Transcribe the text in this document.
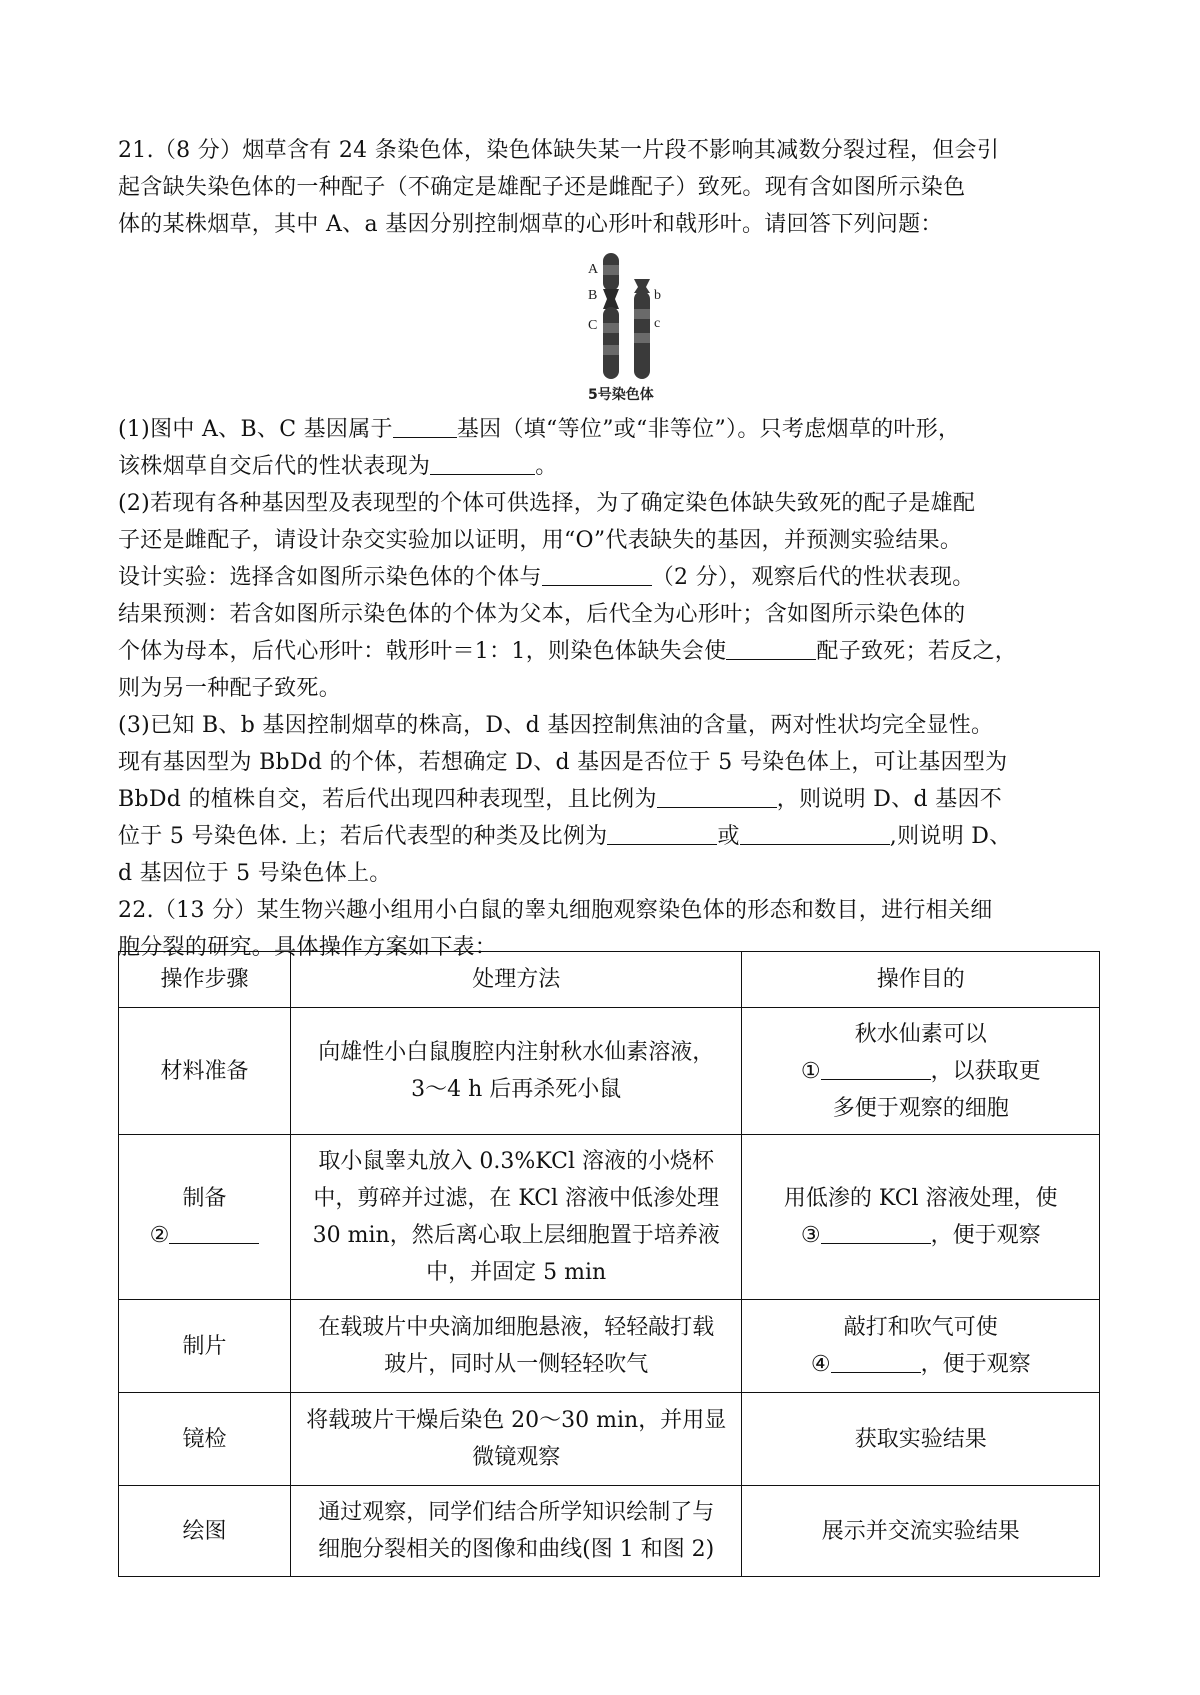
21.（8 分）烟草含有 24 条染色体，染色体缺失某一片段不影响其减数分裂过程，但会引
起含缺失染色体的一种配子（不确定是雄配子还是雌配子）致死。现有含如图所示染色
体的某株烟草，其中 A、a 基因分别控制烟草的心形叶和戟形叶。请回答下列问题：
A
B
C
b
c
5号染色体
(1)图中 A、B、C 基因属于	基因（填“等位”或“非等位”）。只考虑烟草的叶形，
该株烟草自交后代的性状表现为	。
(2)若现有各种基因型及表现型的个体可供选择，为了确定染色体缺失致死的配子是雄配
子还是雌配子，请设计杂交实验加以证明，用“O”代表缺失的基因，并预测实验结果。
设计实验：选择含如图所示染色体的个体与	（2 分），观察后代的性状表现。
结果预测：若含如图所示染色体的个体为父本，后代全为心形叶；含如图所示染色体的
个体为母本，后代心形叶：戟形叶＝1：1，则染色体缺失会使	配子致死；若反之，
则为另一种配子致死。
(3)已知 B、b 基因控制烟草的株高，D、d 基因控制焦油的含量，两对性状均完全显性。
现有基因型为 BbDd 的个体，若想确定 D、d 基因是否位于 5 号染色体上，可让基因型为
BbDd 的植株自交，若后代出现四种表现型，且比例为	，则说明 D、d 基因不
位于 5 号染色体. 上；若后代表型的种类及比例为	或	,则说明 D、
d 基因位于 5 号染色体上。
22.（13 分）某生物兴趣小组用小白鼠的睾丸细胞观察染色体的形态和数目，进行相关细
胞分裂的研究。具体操作方案如下表：
操作步骤	处理方法	操作目的

材料准备	向雄性小白鼠腹腔内注射秋水仙素溶液，
3～4 h 后再杀死小鼠	秋水仙素可以
① ，以获取更
多便于观察的细胞

制备
②	取小鼠睾丸放入 0.3%KCl 溶液的小烧杯
中，剪碎并过滤，在 KCl 溶液中低渗处理
30 min，然后离心取上层细胞置于培养液
中，并固定 5 min	用低渗的 KCl 溶液处理，使
③ ，便于观察

制片	在载玻片中央滴加细胞悬液，轻轻敲打载
玻片，同时从一侧轻轻吹气	敲打和吹气可使
④ ，便于观察

镜检	将载玻片干燥后染色 20～30 min，并用显
微镜观察	获取实验结果

绘图	通过观察，同学们结合所学知识绘制了与
细胞分裂相关的图像和曲线(图 1 和图 2)	展示并交流实验结果
